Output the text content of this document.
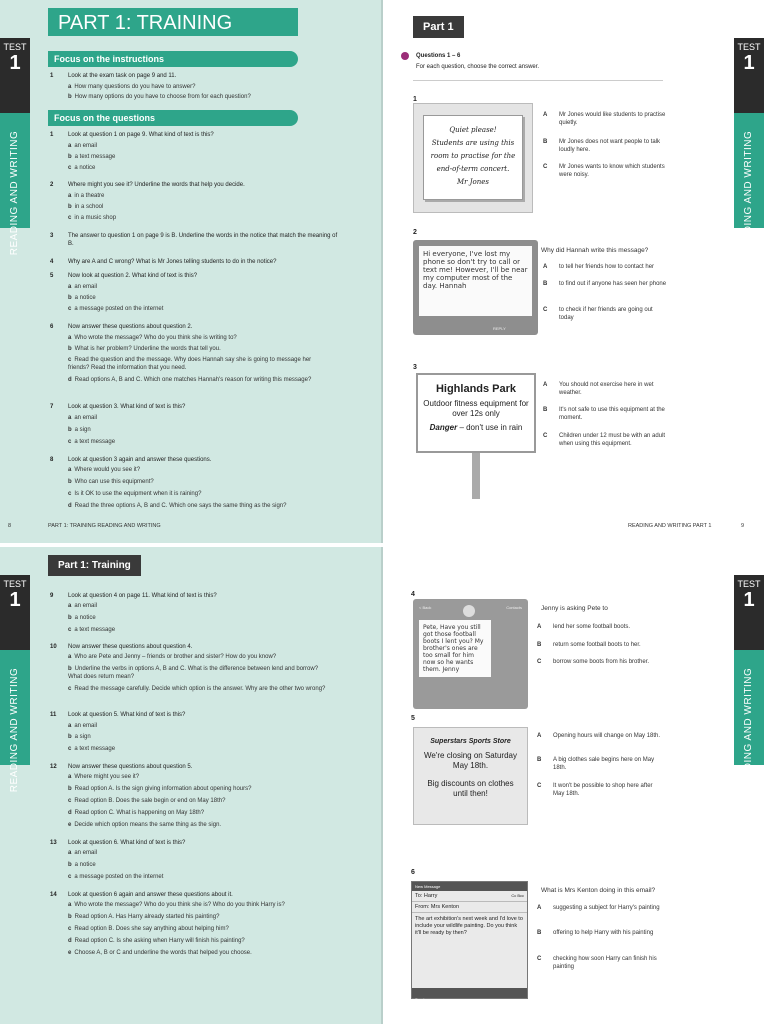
TEST
1
READING AND WRITING
PART 1: TRAINING
Focus on the instructions
1	Look at the exam task on page 9 and 11.
a How many questions do you have to answer?
b How many options do you have to choose from for each question?
Focus on the questions
1	Look at question 1 on page 9. What kind of text is this?
a an email
b a text message
c a notice
2	Where might you see it? Underline the words that help you decide.
a in a theatre
b in a school
c in a music shop
3	The answer to question 1 on page 9 is B. Underline the words in the notice that match the meaning of B.
4	Why are A and C wrong? What is Mr Jones telling students to do in the notice?
5	Now look at question 2. What kind of text is this?
a an email
b a notice
c a message posted on the internet
6	Now answer these questions about question 2.
a Who wrote the message? Who do you think she is writing to?
b What is her problem? Underline the words that tell you.
c Read the question and the message. Why does Hannah say she is going to message her friends? Read the information that you need.
d Read options A, B and C. Which one matches Hannah's reason for writing this message?
7	Look at question 3. What kind of text is this?
a an email
b a sign
c a text message
8	Look at question 3 again and answer these questions.
a Where would you see it?
b Who can use this equipment?
c Is it OK to use the equipment when it is raining?
d Read the three options A, B and C. Which one says the same thing as the sign?
8	PART 1: TRAINING READING AND WRITING
Part 1
TEST
1
READING AND WRITING
Questions 1 – 6
For each question, choose the correct answer.
1
Quiet please!
Students are using this
room to practise for the
end-of-term concert.
Mr Jones
A Mr Jones would like students to practise quietly.
B Mr Jones does not want people to talk loudly here.
C Mr Jones wants to know which students were noisy.
2
Hi everyone, I've lost my phone so don't try to call or text me! However, I'll be near my computer most of the day. Hannah
REPLY
Why did Hannah write this message?
A to tell her friends how to contact her
B to find out if anyone has seen her phone
C to check if her friends are going out today
3
Highlands Park
Outdoor fitness equipment for over 12s only
Danger – don't use in rain
A You should not exercise here in wet weather.
B It's not safe to use this equipment at the moment.
C Children under 12 must be with an adult when using this equipment.
READING AND WRITING PART 1	9
TEST
1
READING AND WRITING
Part 1: Training
9	Look at question 4 on page 11. What kind of text is this?
a an email
b a notice
c a text message
10	Now answer these questions about question 4.
a Who are Pete and Jenny – friends or brother and sister? How do you know?
b Underline the verbs in options A, B and C. What is the difference between lend and borrow? What does return mean?
c Read the message carefully. Decide which option is the answer. Why are the other two wrong?
11	Look at question 5. What kind of text is this?
a an email
b a sign
c a text message
12	Now answer these questions about question 5.
a Where might you see it?
b Read option A. Is the sign giving information about opening hours?
c Read option B. Does the sale begin or end on May 18th?
d Read option C. What is happening on May 18th?
e Decide which option means the same thing as the sign.
13	Look at question 6. What kind of text is this?
a an email
b a notice
c a message posted on the internet
14	Look at question 6 again and answer these questions about it.
a Who wrote the message? Who do you think she is? Who do you think Harry is?
b Read option A. Has Harry already started his painting?
c Read option B. Does she say anything about helping him?
d Read option C. Is she asking when Harry will finish his painting?
e Choose A, B or C and underline the words that helped you choose.
TEST
1
READING AND WRITING
4
< Back	Contacts
Pete, Have you still got those football boots I lent you? My brother's ones are too small for him now so he wants them. Jenny
Jenny is asking Pete to
A lend her some football boots.
B return some football boots to her.
C borrow some boots from his brother.
5
Superstars Sports Store
We're closing on Saturday May 18th.
Big discounts on clothes until then!
A Opening hours will change on May 18th.
B A big clothes sale begins here on May 18th.
C It won't be possible to shop here after May 18th.
6
New Message
To: Harry	Cc Bcc
From: Mrs Kenton
The art exhibition's next week and I'd love to include your wildlife painting. Do you think it'll be ready by then?
Send
What is Mrs Kenton doing in this email?
A suggesting a subject for Harry's painting
B offering to help Harry with his painting
C checking how soon Harry can finish his painting
